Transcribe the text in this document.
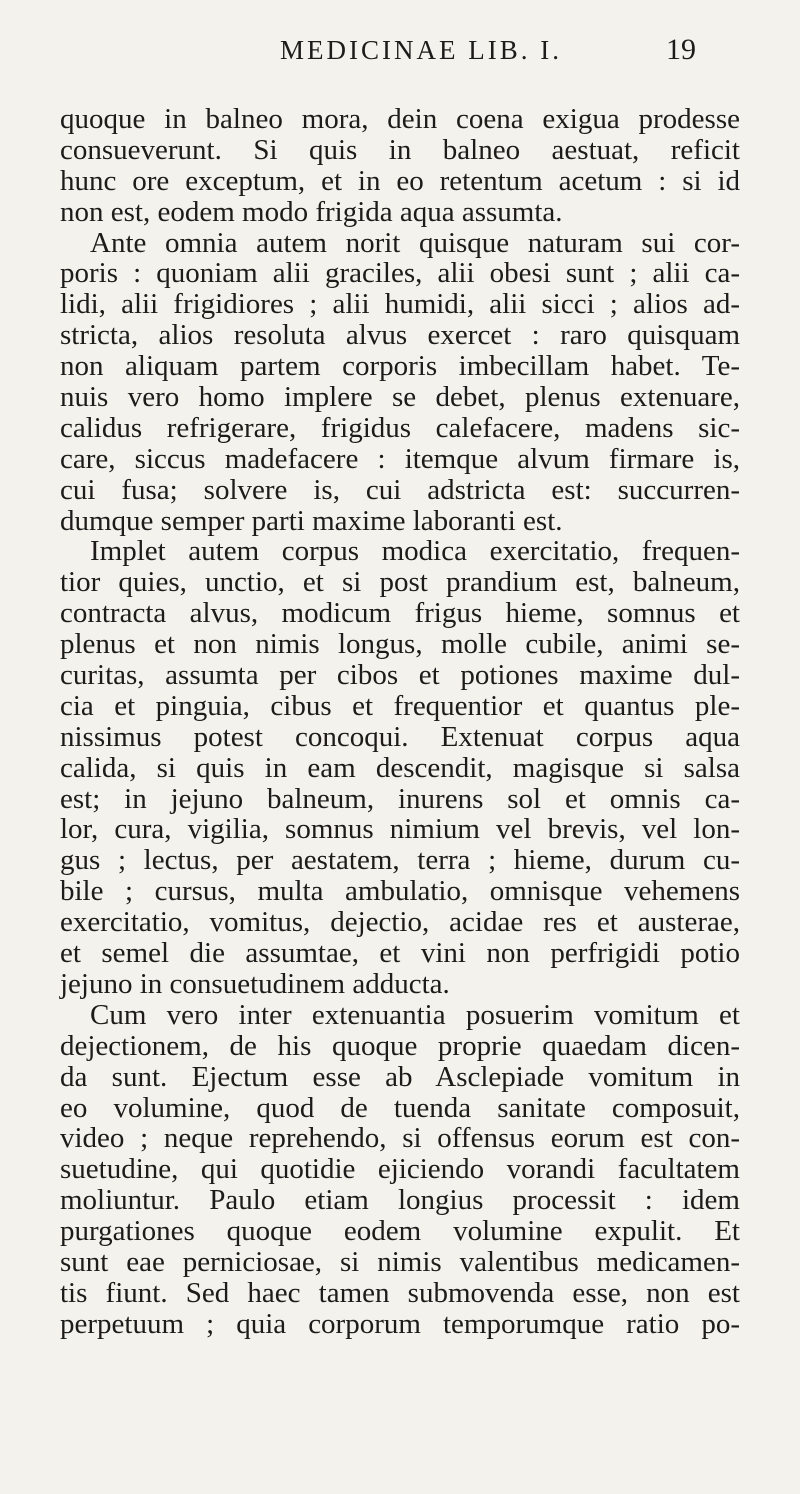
MEDICINAE LIB. I.	19
quoque in balneo mora, dein coena exigua prodesse
consueverunt. Si quis in balneo aestuat, reficit
hunc ore exceptum, et in eo retentum acetum : si id
non est, eodem modo frigida aqua assumta.
Ante omnia autem norit quisque naturam sui cor-
poris : quoniam alii graciles, alii obesi sunt ; alii ca-
lidi, alii frigidiores ; alii humidi, alii sicci ; alios ad-
stricta, alios resoluta alvus exercet : raro quisquam
non aliquam partem corporis imbecillam habet. Te-
nuis vero homo implere se debet, plenus extenuare,
calidus refrigerare, frigidus calefacere, madens sic-
care, siccus madefacere : itemque alvum firmare is,
cui fusa; solvere is, cui adstricta est: succurren-
dumque semper parti maxime laboranti est.
Implet autem corpus modica exercitatio, frequen-
tior quies, unctio, et si post prandium est, balneum,
contracta alvus, modicum frigus hieme, somnus et
plenus et non nimis longus, molle cubile, animi se-
curitas, assumta per cibos et potiones maxime dul-
cia et pinguia, cibus et frequentior et quantus ple-
nissimus potest concoqui. Extenuat corpus aqua
calida, si quis in eam descendit, magisque si salsa
est; in jejuno balneum, inurens sol et omnis ca-
lor, cura, vigilia, somnus nimium vel brevis, vel lon-
gus ; lectus, per aestatem, terra ; hieme, durum cu-
bile ; cursus, multa ambulatio, omnisque vehemens
exercitatio, vomitus, dejectio, acidae res et austerae,
et semel die assumtae, et vini non perfrigidi potio
jejuno in consuetudinem adducta.
Cum vero inter extenuantia posuerim vomitum et
dejectionem, de his quoque proprie quaedam dicen-
da sunt. Ejectum esse ab Asclepiade vomitum in
eo volumine, quod de tuenda sanitate composuit,
video ; neque reprehendo, si offensus eorum est con-
suetudine, qui quotidie ejiciendo vorandi facultatem
moliuntur. Paulo etiam longius processit : idem
purgationes quoque eodem volumine expulit. Et
sunt eae perniciosae, si nimis valentibus medicamen-
tis fiunt. Sed haec tamen submovenda esse, non est
perpetuum ; quia corporum temporumque ratio po-
